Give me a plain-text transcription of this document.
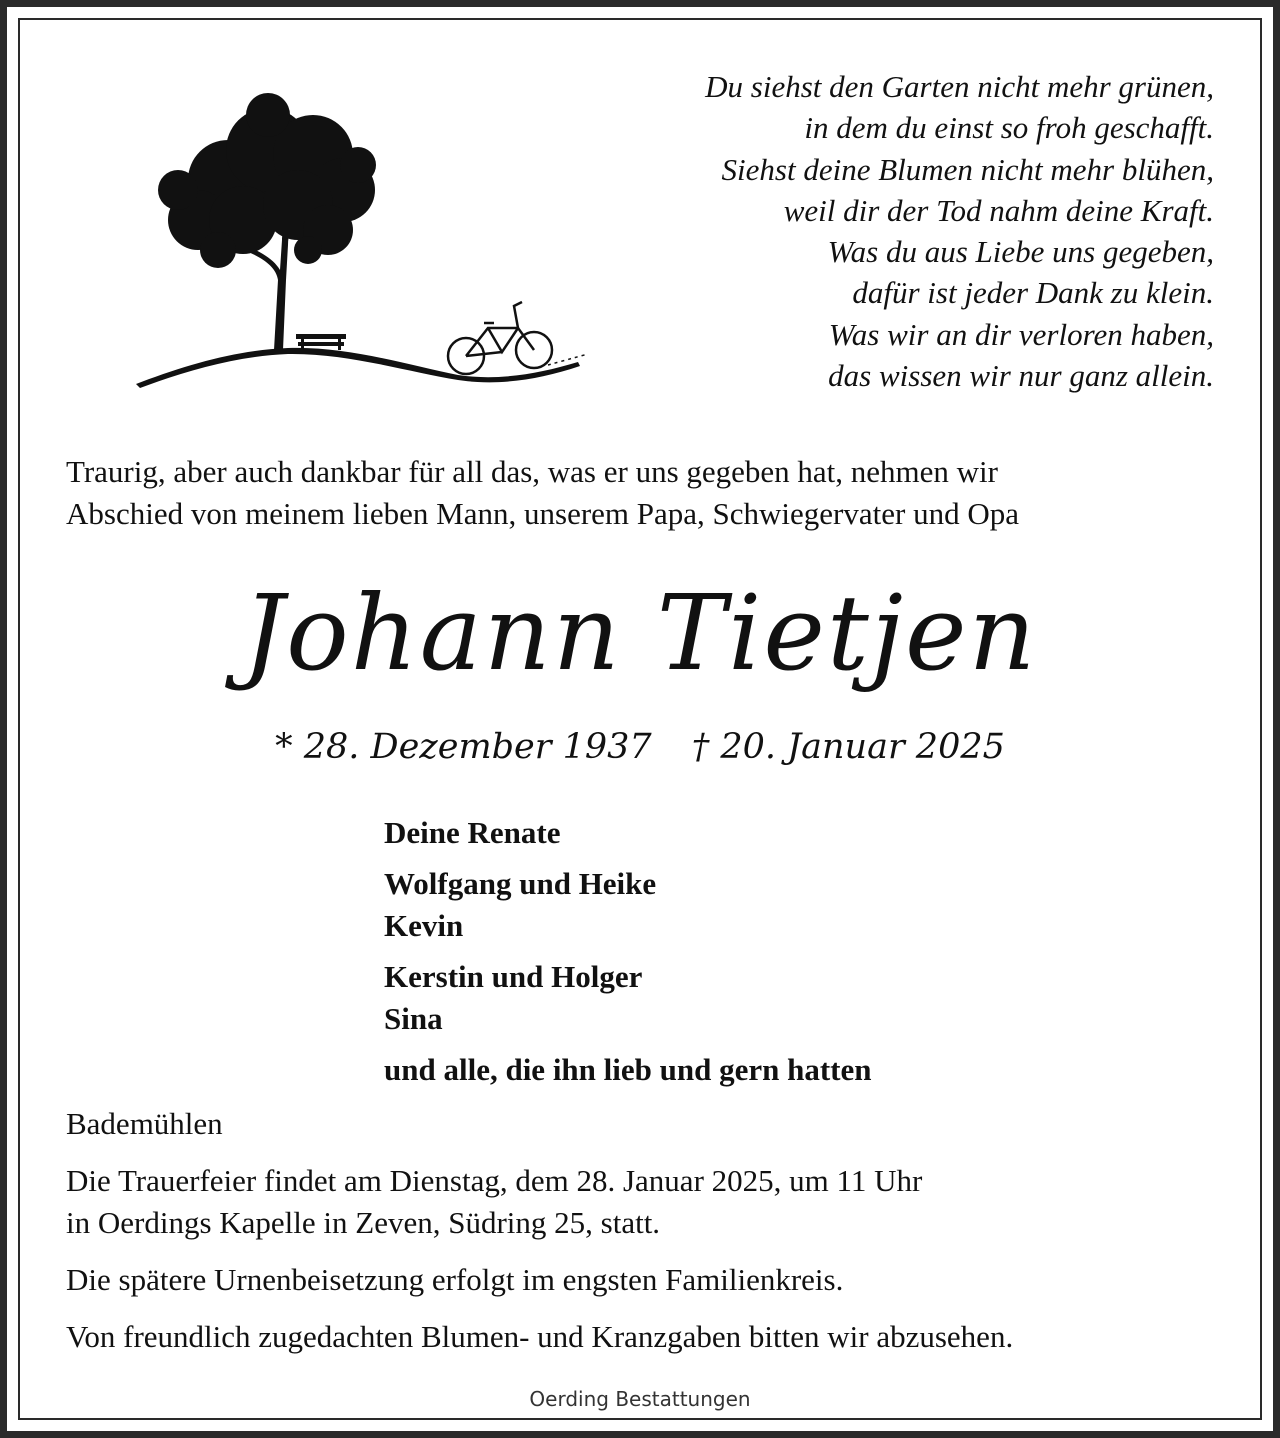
Du siehst den Garten nicht mehr grünen,
in dem du einst so froh geschafft.
Siehst deine Blumen nicht mehr blühen,
weil dir der Tod nahm deine Kraft.
Was du aus Liebe uns gegeben,
dafür ist jeder Dank zu klein.
Was wir an dir verloren haben,
das wissen wir nur ganz allein.
Traurig, aber auch dankbar für all das, was er uns gegeben hat, nehmen wir
Abschied von meinem lieben Mann, unserem Papa, Schwiegervater und Opa
Johann Tietjen
* 28. Dezember 1937 † 20. Januar 2025
Deine Renate
Wolfgang und Heike
Kevin
Kerstin und Holger
Sina
und alle, die ihn lieb und gern hatten
Bademühlen
Die Trauerfeier findet am Dienstag, dem 28. Januar 2025, um 11 Uhr
in Oerdings Kapelle in Zeven, Südring 25, statt.
Die spätere Urnenbeisetzung erfolgt im engsten Familienkreis.
Von freundlich zugedachten Blumen- und Kranzgaben bitten wir abzusehen.
Oerding Bestattungen
